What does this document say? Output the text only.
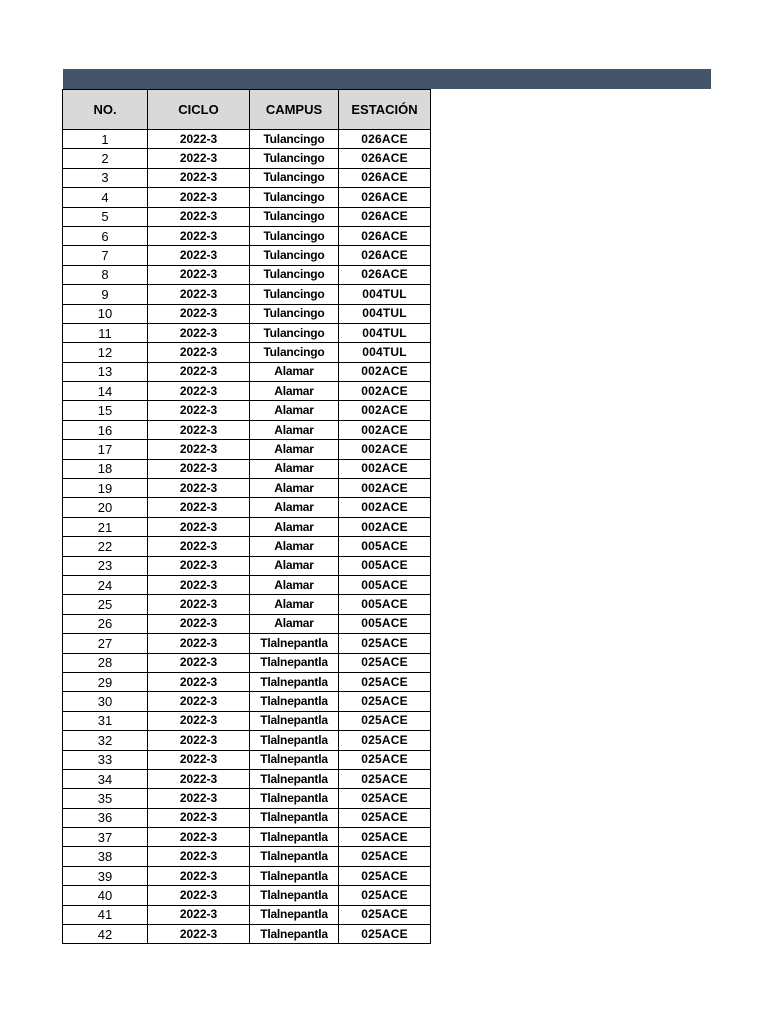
NO.	CICLO	CAMPUS	ESTACIÓN
1	2022-3	Tulancingo	026ACE
2	2022-3	Tulancingo	026ACE
3	2022-3	Tulancingo	026ACE
4	2022-3	Tulancingo	026ACE
5	2022-3	Tulancingo	026ACE
6	2022-3	Tulancingo	026ACE
7	2022-3	Tulancingo	026ACE
8	2022-3	Tulancingo	026ACE
9	2022-3	Tulancingo	004TUL
10	2022-3	Tulancingo	004TUL
11	2022-3	Tulancingo	004TUL
12	2022-3	Tulancingo	004TUL
13	2022-3	Alamar	002ACE
14	2022-3	Alamar	002ACE
15	2022-3	Alamar	002ACE
16	2022-3	Alamar	002ACE
17	2022-3	Alamar	002ACE
18	2022-3	Alamar	002ACE
19	2022-3	Alamar	002ACE
20	2022-3	Alamar	002ACE
21	2022-3	Alamar	002ACE
22	2022-3	Alamar	005ACE
23	2022-3	Alamar	005ACE
24	2022-3	Alamar	005ACE
25	2022-3	Alamar	005ACE
26	2022-3	Alamar	005ACE
27	2022-3	Tlalnepantla	025ACE
28	2022-3	Tlalnepantla	025ACE
29	2022-3	Tlalnepantla	025ACE
30	2022-3	Tlalnepantla	025ACE
31	2022-3	Tlalnepantla	025ACE
32	2022-3	Tlalnepantla	025ACE
33	2022-3	Tlalnepantla	025ACE
34	2022-3	Tlalnepantla	025ACE
35	2022-3	Tlalnepantla	025ACE
36	2022-3	Tlalnepantla	025ACE
37	2022-3	Tlalnepantla	025ACE
38	2022-3	Tlalnepantla	025ACE
39	2022-3	Tlalnepantla	025ACE
40	2022-3	Tlalnepantla	025ACE
41	2022-3	Tlalnepantla	025ACE
42	2022-3	Tlalnepantla	025ACE
